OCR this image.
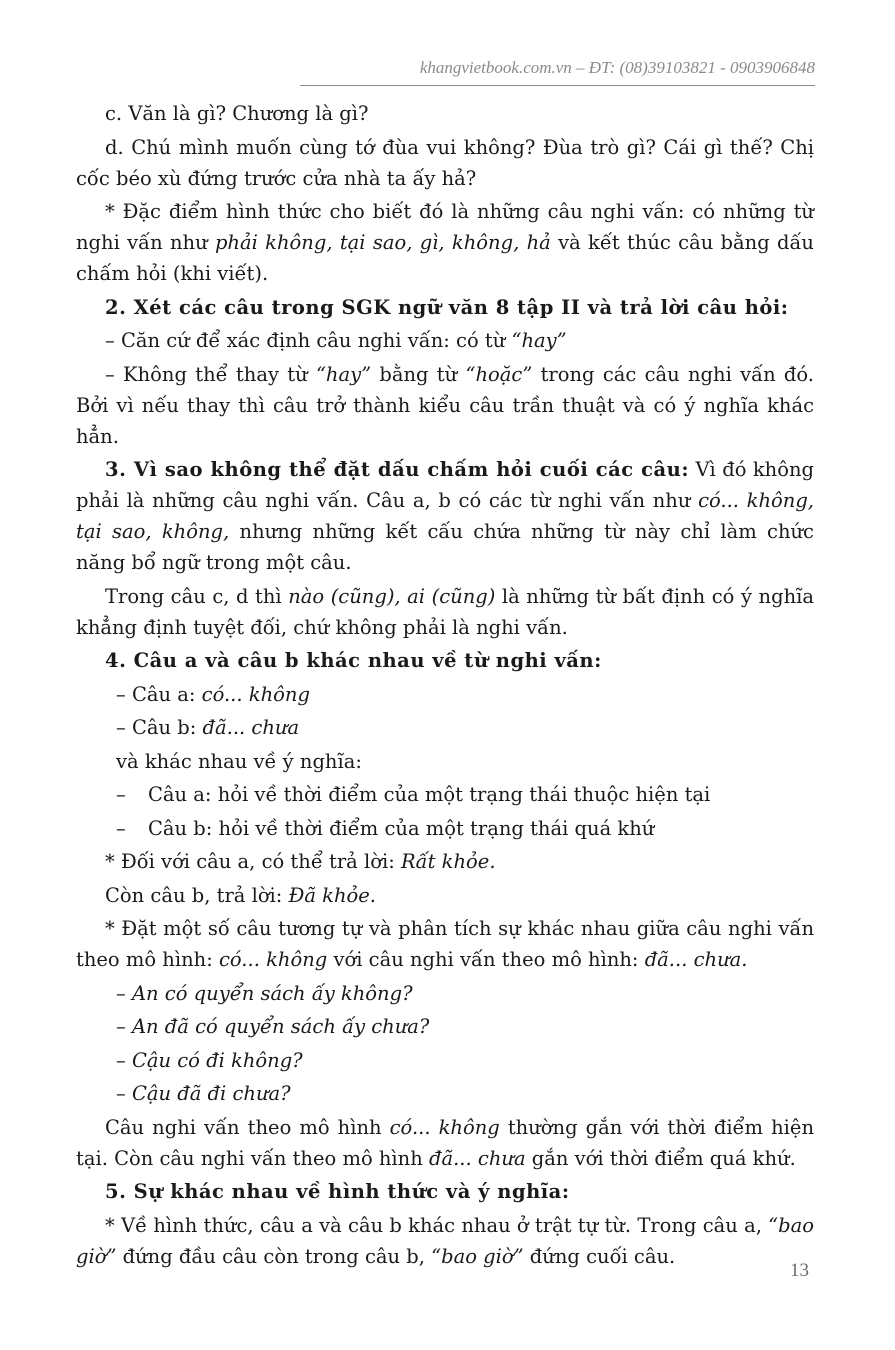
khangvietbook.com.vn – ĐT: (08)39103821 - 0903906848

c. Văn là gì? Chương là gì?

d. Chú mình muốn cùng tớ đùa vui không? Đùa trò gì? Cái gì thế? Chị cốc béo xù đứng trước cửa nhà ta ấy hả?

* Đặc điểm hình thức cho biết đó là những câu nghi vấn: có những từ nghi vấn như phải không, tại sao, gì, không, hả và kết thúc câu bằng dấu chấm hỏi (khi viết).

2. Xét các câu trong SGK ngữ văn 8 tập II và trả lời câu hỏi:

– Căn cứ để xác định câu nghi vấn: có từ “hay”

– Không thể thay từ “hay” bằng từ “hoặc” trong các câu nghi vấn đó. Bởi vì nếu thay thì câu trở thành kiểu câu trần thuật và có ý nghĩa khác hẳn.

3. Vì sao không thể đặt dấu chấm hỏi cuối các câu: Vì đó không phải là những câu nghi vấn. Câu a, b có các từ nghi vấn như có... không, tại sao, không, nhưng những kết cấu chứa những từ này chỉ làm chức năng bổ ngữ trong một câu.

Trong câu c, d thì nào (cũng), ai (cũng) là những từ bất định có ý nghĩa khẳng định tuyệt đối, chứ không phải là nghi vấn.

4. Câu a và câu b khác nhau về từ nghi vấn:

– Câu a: có... không

– Câu b: đã... chưa

và khác nhau về ý nghĩa:

– Câu a: hỏi về thời điểm của một trạng thái thuộc hiện tại

– Câu b: hỏi về thời điểm của một trạng thái quá khứ

* Đối với câu a, có thể trả lời: Rất khỏe.

Còn câu b, trả lời: Đã khỏe.

* Đặt một số câu tương tự và phân tích sự khác nhau giữa câu nghi vấn theo mô hình: có... không với câu nghi vấn theo mô hình: đã... chưa.

– An có quyển sách ấy không?

– An đã có quyển sách ấy chưa?

– Cậu có đi không?

– Cậu đã đi chưa?

Câu nghi vấn theo mô hình có... không thường gắn với thời điểm hiện tại. Còn câu nghi vấn theo mô hình đã... chưa gắn với thời điểm quá khứ.

5. Sự khác nhau về hình thức và ý nghĩa:

* Về hình thức, câu a và câu b khác nhau ở trật tự từ. Trong câu a, “bao giờ” đứng đầu câu còn trong câu b, “bao giờ” đứng cuối câu.

13
